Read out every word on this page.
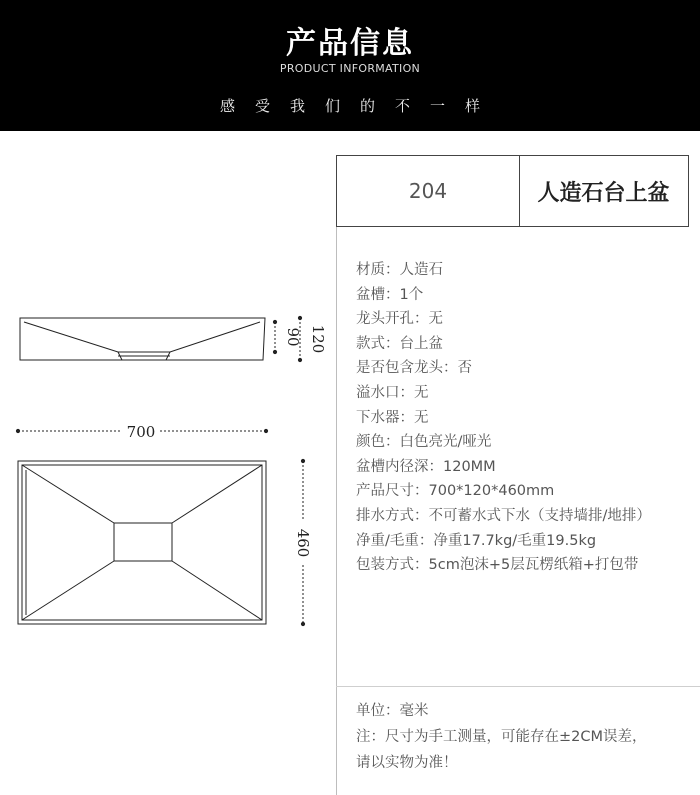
产品信息
PRODUCT INFORMATION
感受我们的不一样
90 120
700
460
204	人造石台上盆
材质：人造石
盆槽：1个
龙头开孔：无
款式：台上盆
是否包含龙头：否
溢水口：无
下水器：无
颜色：白色亮光/哑光
盆槽内径深：120MM
产品尺寸：700*120*460mm
排水方式：不可蓄水式下水（支持墙排/地排）
净重/毛重：净重17.7kg/毛重19.5kg
包装方式：5cm泡沫+5层瓦楞纸箱+打包带
单位：毫米
注：尺寸为手工测量，可能存在±2CM误差，
请以实物为准！
